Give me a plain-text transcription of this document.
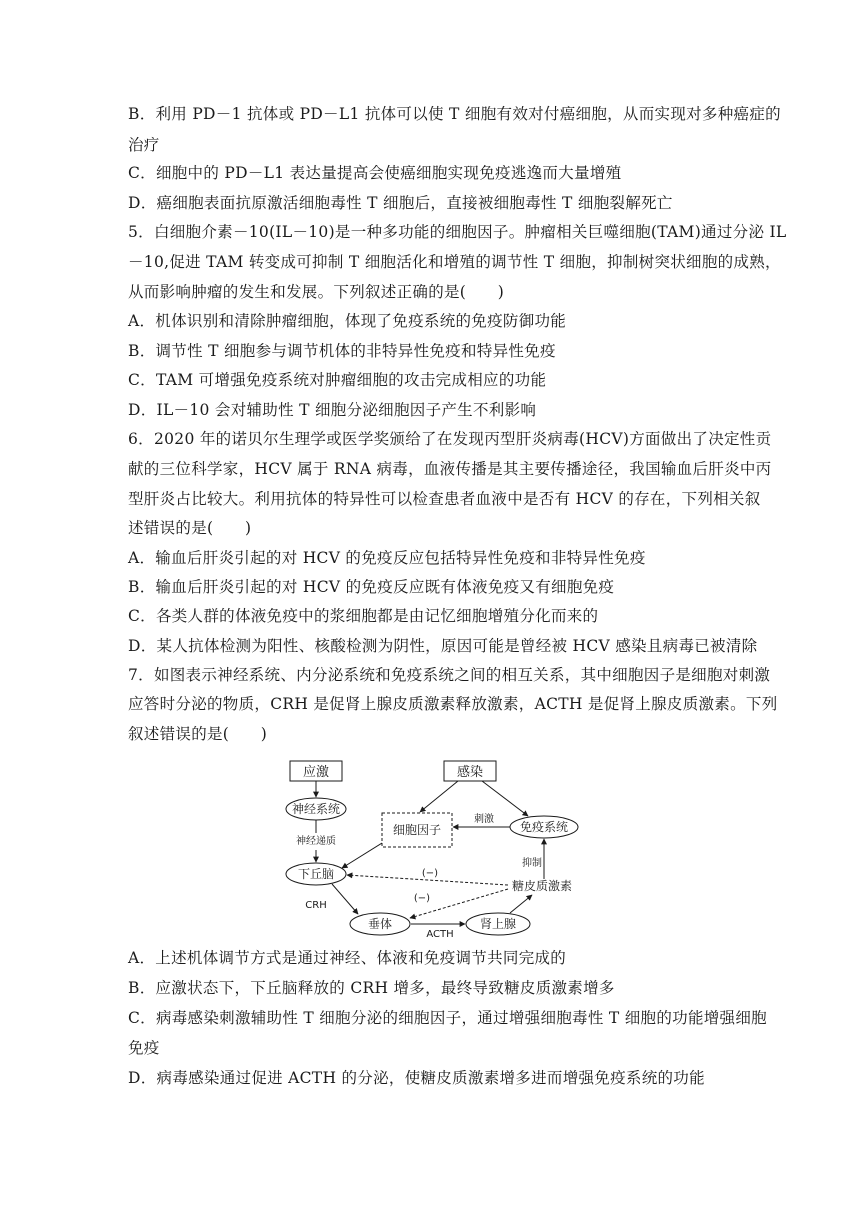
B．利用 PD－1 抗体或 PD－L1 抗体可以使 T 细胞有效对付癌细胞，从而实现对多种癌症的
治疗
C．细胞中的 PD－L1 表达量提高会使癌细胞实现免疫逃逸而大量增殖
D．癌细胞表面抗原激活细胞毒性 T 细胞后，直接被细胞毒性 T 细胞裂解死亡
5．白细胞介素－10(IL－10)是一种多功能的细胞因子。肿瘤相关巨噬细胞(TAM)通过分泌 IL
－10,促进 TAM 转变成可抑制 T 细胞活化和增殖的调节性 T 细胞，抑制树突状细胞的成熟，
从而影响肿瘤的发生和发展。下列叙述正确的是(　　)
A．机体识别和清除肿瘤细胞，体现了免疫系统的免疫防御功能
B．调节性 T 细胞参与调节机体的非特异性免疫和特异性免疫
C．TAM 可增强免疫系统对肿瘤细胞的攻击完成相应的功能
D．IL－10 会对辅助性 T 细胞分泌细胞因子产生不利影响
6．2020 年的诺贝尔生理学或医学奖颁给了在发现丙型肝炎病毒(HCV)方面做出了决定性贡
献的三位科学家，HCV 属于 RNA 病毒，血液传播是其主要传播途径，我国输血后肝炎中丙
型肝炎占比较大。利用抗体的特异性可以检查患者血液中是否有 HCV 的存在，下列相关叙
述错误的是(　　)
A．输血后肝炎引起的对 HCV 的免疫反应包括特异性免疫和非特异性免疫
B．输血后肝炎引起的对 HCV 的免疫反应既有体液免疫又有细胞免疫
C．各类人群的体液免疫中的浆细胞都是由记忆细胞增殖分化而来的
D．某人抗体检测为阳性、核酸检测为阴性，原因可能是曾经被 HCV 感染且病毒已被清除
7．如图表示神经系统、内分泌系统和免疫系统之间的相互关系，其中细胞因子是细胞对刺激
应答时分泌的物质，CRH 是促肾上腺皮质激素释放激素，ACTH 是促肾上腺皮质激素。下列
叙述错误的是(　　)
应激	感染
神经系统
神经递质
细胞因子
刺激
免疫系统
抑制
下丘脑	(−)
糖皮质激素
(−)
CRH
垂体
ACTH
肾上腺
A．上述机体调节方式是通过神经、体液和免疫调节共同完成的
B．应激状态下，下丘脑释放的 CRH 增多，最终导致糖皮质激素增多
C．病毒感染刺激辅助性 T 细胞分泌的细胞因子，通过增强细胞毒性 T 细胞的功能增强细胞
免疫
D．病毒感染通过促进 ACTH 的分泌，使糖皮质激素增多进而增强免疫系统的功能
